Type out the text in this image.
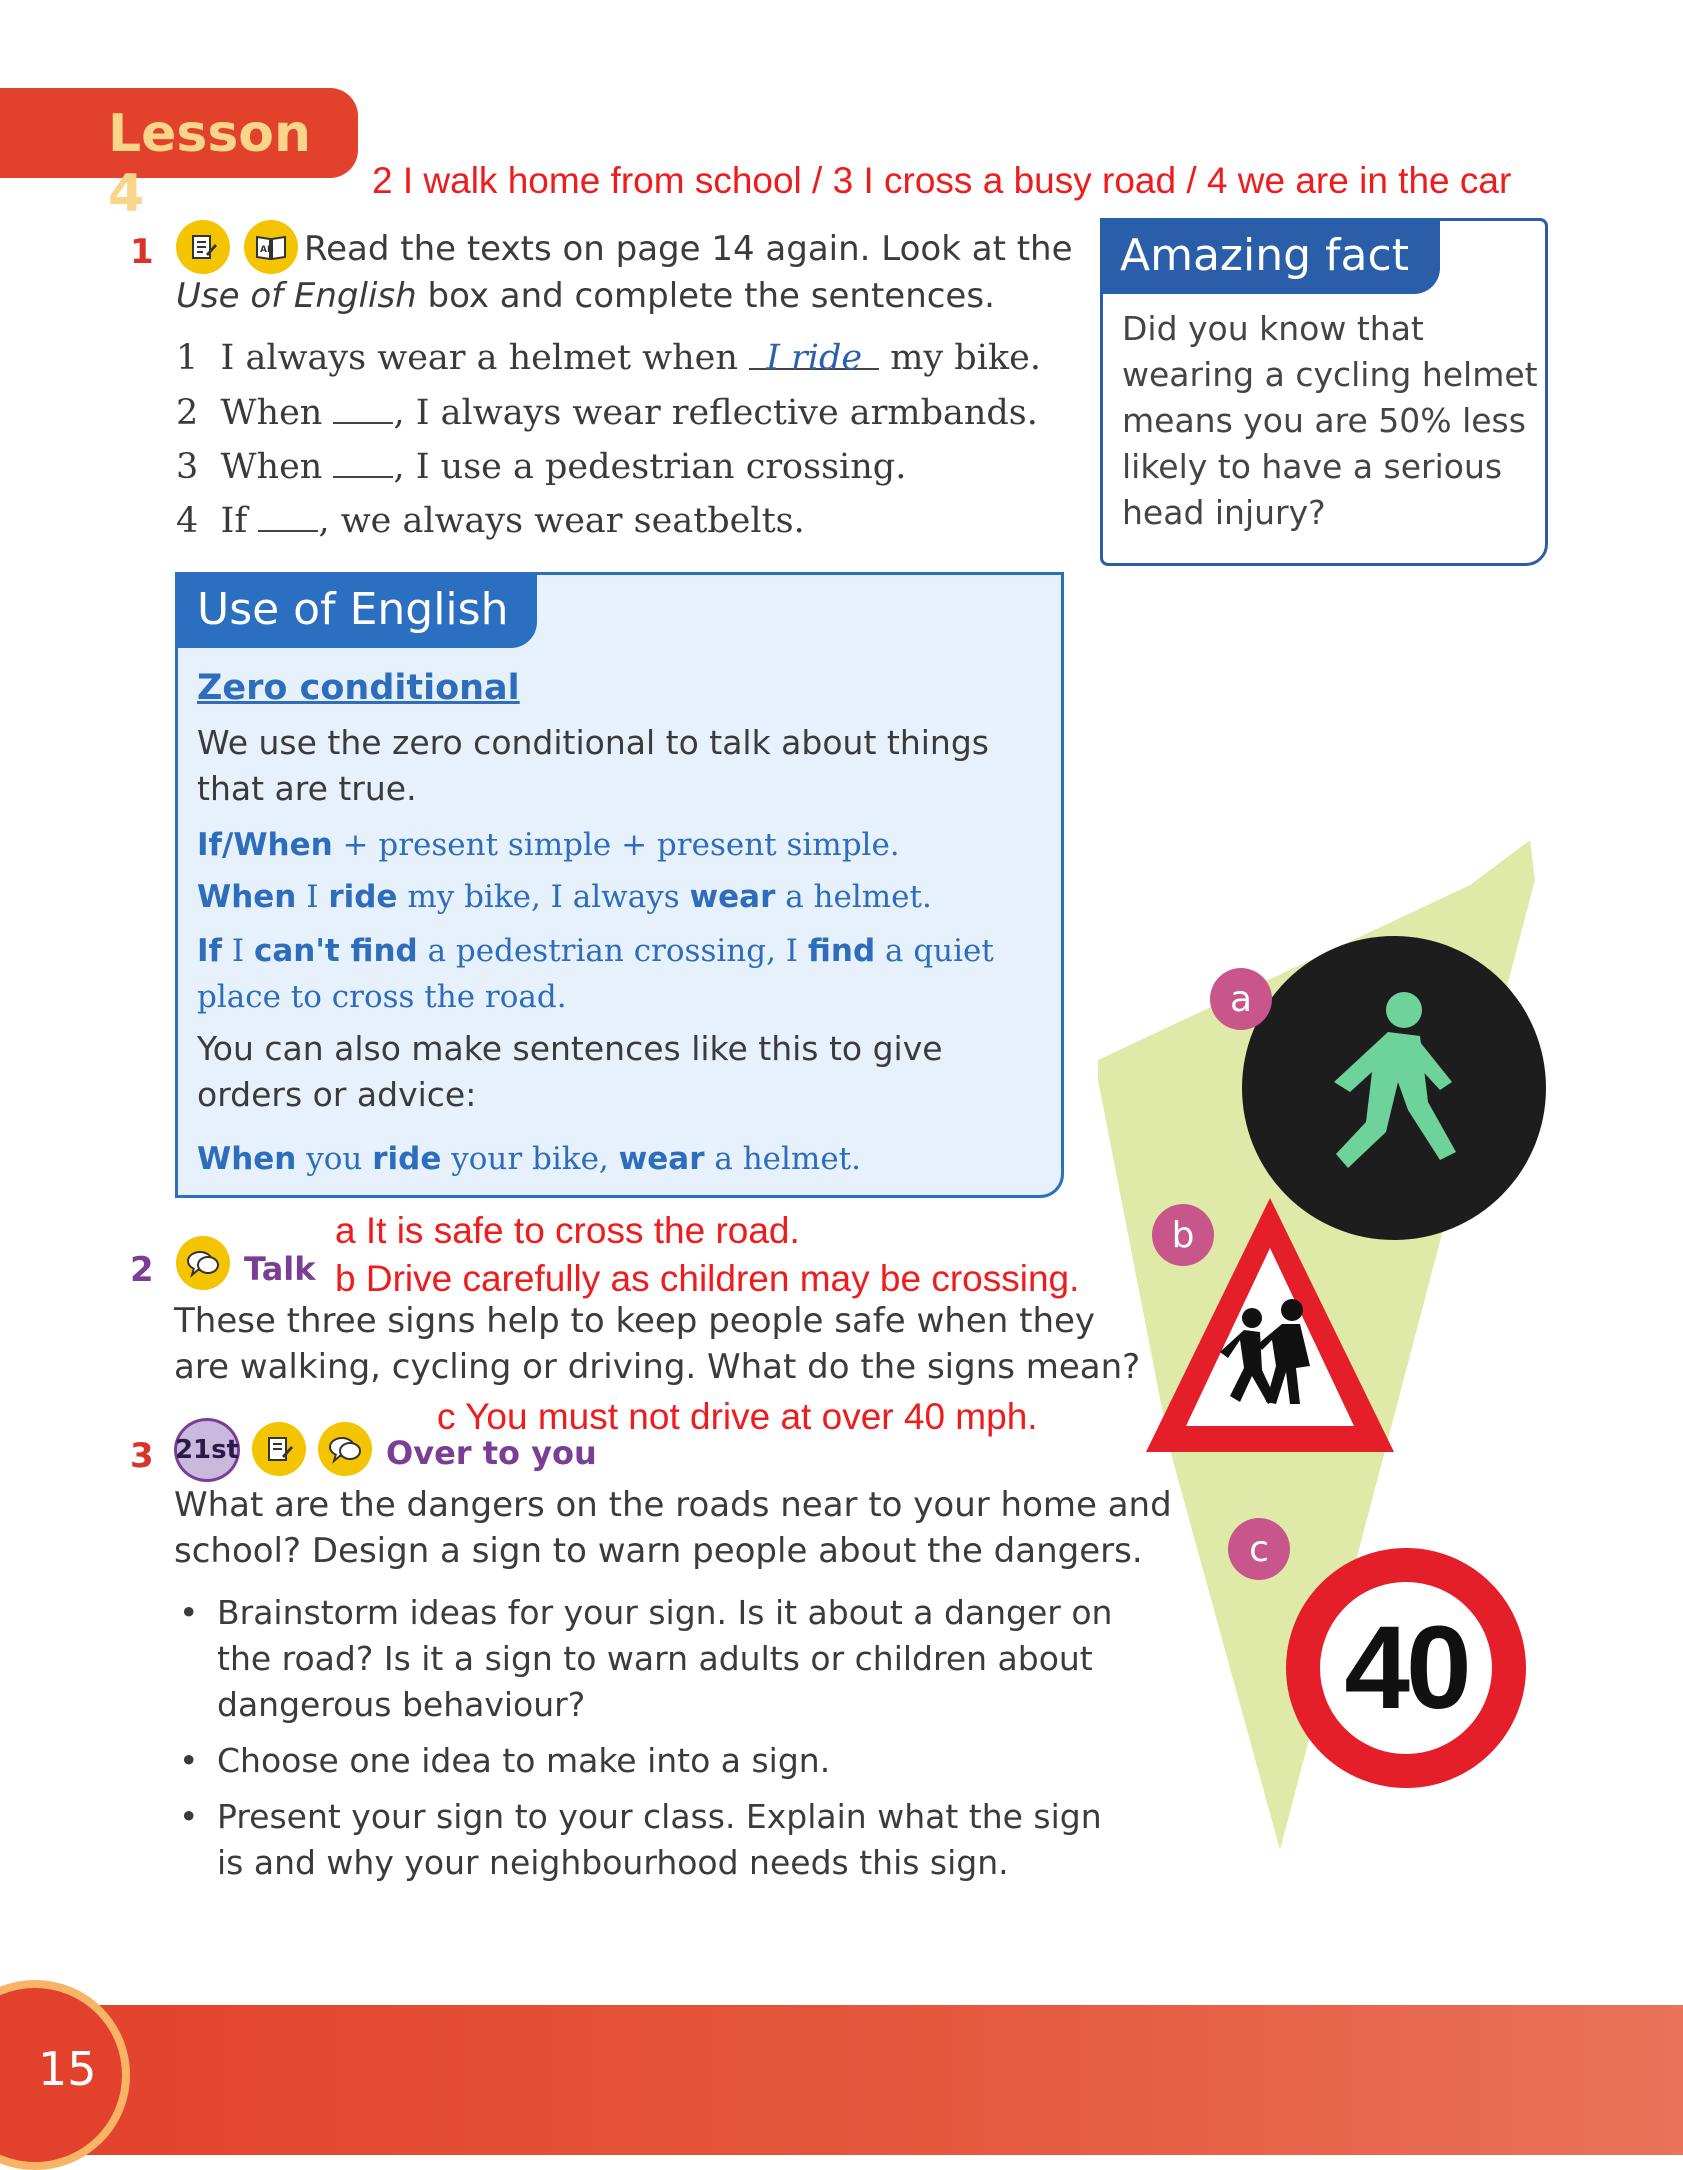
Lesson 4	2 I walk home from school / 3 I cross a busy road / 4 we are in the car
1	AB Read the texts on page 14 again. Look at the
Use of English box and complete the sentences.
1 I always wear a helmet when I ride my bike.
2 When , I always wear reflective armbands.
3 When , I use a pedestrian crossing.
4 If , we always wear seatbelts.
Amazing fact
Did you know that wearing a cycling helmet means you are 50% less likely to have a serious head injury?
Use of English
Zero conditional
We use the zero conditional to talk about things that are true.
If/When + present simple + present simple.
When I ride my bike, I always wear a helmet.
If I can't find a pedestrian crossing, I find a quiet place to cross the road.
You can also make sentences like this to give orders or advice:
When you ride your bike, wear a helmet.
a
b
40
c
a It is safe to cross the road.
b Drive carefully as children may be crossing.
2	Talk
These three signs help to keep people safe when they are walking, cycling or driving. What do the signs mean?
c You must not drive at over 40 mph.
3 21st	Over to you
What are the dangers on the roads near to your home and school? Design a sign to warn people about the dangers.
• Brainstorm ideas for your sign. Is it about a danger on the road? Is it a sign to warn adults or children about dangerous behaviour?
• Choose one idea to make into a sign.
• Present your sign to your class. Explain what the sign is and why your neighbourhood needs this sign.
15
